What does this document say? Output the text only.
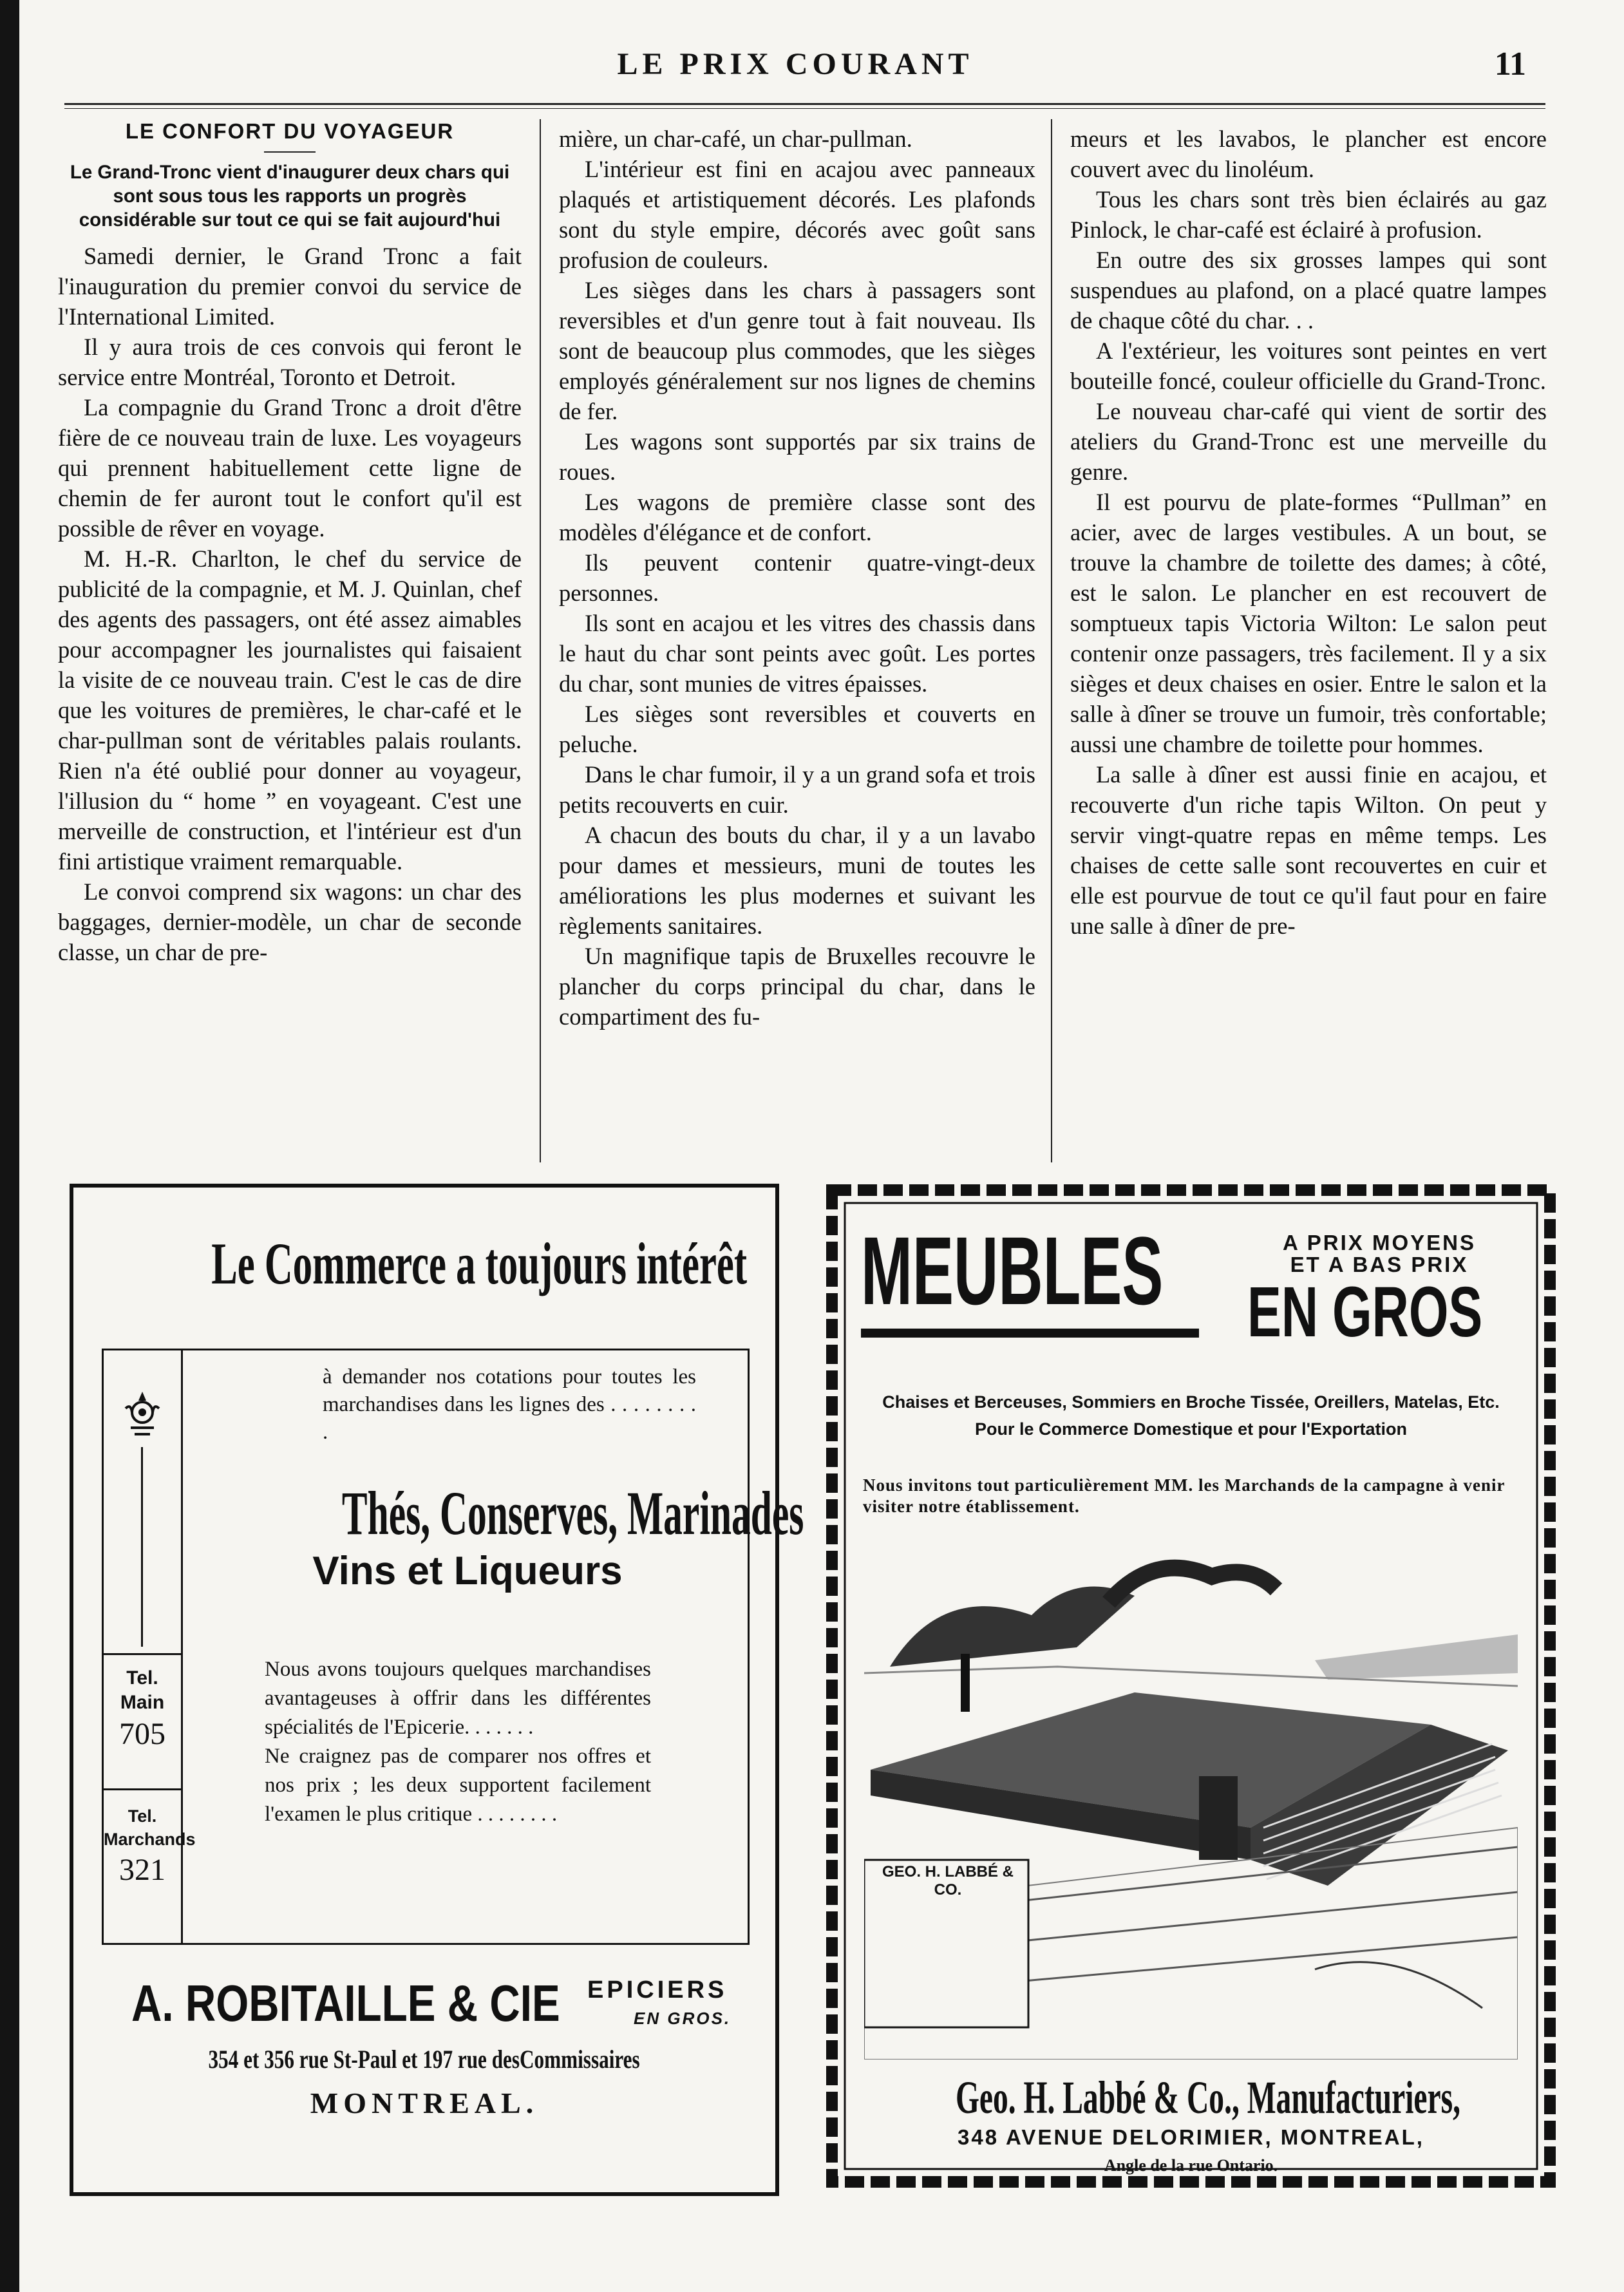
LE PRIX COURANT	11
LE CONFORT DU VOYAGEUR
Le Grand-Tronc vient d'inaugurer deux chars qui sont sous tous les rapports un progrès considérable sur tout ce qui se fait aujourd'hui

Samedi dernier, le Grand Tronc a fait l'inauguration du premier convoi du service de l'International Limited.

Il y aura trois de ces convois qui feront le service entre Montréal, Toronto et Detroit.

La compagnie du Grand Tronc a droit d'être fière de ce nouveau train de luxe. Les voyageurs qui prennent habituellement cette ligne de chemin de fer auront tout le confort qu'il est possible de rêver en voyage.

M. H.-R. Charlton, le chef du service de publicité de la compagnie, et M. J. Quinlan, chef des agents des passagers, ont été assez aimables pour accompagner les journalistes qui faisaient la visite de ce nouveau train. C'est le cas de dire que les voitures de premières, le char-café et le char-pullman sont de véritables palais roulants. Rien n'a été oublié pour donner au voyageur, l'illusion du “ home ” en voyageant. C'est une merveille de construction, et l'intérieur est d'un fini artistique vraiment remarquable.

Le convoi comprend six wagons: un char des baggages, dernier-modèle, un char de seconde classe, un char de pre-

mière, un char-café, un char-pullman.

L'intérieur est fini en acajou avec panneaux plaqués et artistiquement décorés. Les plafonds sont du style empire, décorés avec goût sans profusion de couleurs.

Les sièges dans les chars à passagers sont reversibles et d'un genre tout à fait nouveau. Ils sont de beaucoup plus commodes, que les sièges employés généralement sur nos lignes de chemins de fer.

Les wagons sont supportés par six trains de roues.

Les wagons de première classe sont des modèles d'élégance et de confort.

Ils peuvent contenir quatre-vingt-deux personnes.

Ils sont en acajou et les vitres des chassis dans le haut du char sont peints avec goût. Les portes du char, sont munies de vitres épaisses.

Les sièges sont reversibles et couverts en peluche.

Dans le char fumoir, il y a un grand sofa et trois petits recouverts en cuir.

A chacun des bouts du char, il y a un lavabo pour dames et messieurs, muni de toutes les améliorations les plus modernes et suivant les règlements sanitaires.

Un magnifique tapis de Bruxelles recouvre le plancher du corps principal du char, dans le compartiment des fu-

meurs et les lavabos, le plancher est encore couvert avec du linoléum.

Tous les chars sont très bien éclairés au gaz Pinlock, le char-café est éclairé à profusion.

En outre des six grosses lampes qui sont suspendues au plafond, on a placé quatre lampes de chaque côté du char. . .

A l'extérieur, les voitures sont peintes en vert bouteille foncé, couleur officielle du Grand-Tronc.

Le nouveau char-café qui vient de sortir des ateliers du Grand-Tronc est une merveille du genre.

Il est pourvu de plate-formes “Pullman” en acier, avec de larges vestibules. A un bout, se trouve la chambre de toilette des dames; à côté, est le salon. Le plancher en est recouvert de somptueux tapis Victoria Wilton: Le salon peut contenir onze passagers, très facilement. Il y a six sièges et deux chaises en osier. Entre le salon et la salle à dîner se trouve un fumoir, très confortable; aussi une chambre de toilette pour hommes.

La salle à dîner est aussi finie en acajou, et recouverte d'un riche tapis Wilton. On peut y servir vingt-quatre repas en même temps. Les chaises de cette salle sont recouvertes en cuir et elle est pourvue de tout ce qu'il faut pour en faire une salle à dîner de pre-

Le Commerce a toujours intérêt
Tel.
Main
705
Tel.
Marchands
321
à demander nos cotations pour toutes les marchandises dans les lignes des . . . . . . . . .
Thés, Conserves, Marinades
Vins et Liqueurs
Nous avons toujours quelques marchandises avantageuses à offrir dans les différentes spécialités de l'Epicerie. . . . . . .
Ne craignez pas de comparer nos offres et nos prix ; les deux supportent facilement l'examen le plus critique . . . . . . . .
A. ROBITAILLE & CIE EPICIERS
EN GROS.
354 et 356 rue St-Paul et 197 rue desCommissaires
MONTREAL.
MEUBLES	A PRIX MOYENS
ET A BAS PRIX
EN GROS
Chaises et Berceuses, Sommiers en Broche Tissée, Oreillers, Matelas, Etc. Pour le Commerce Domestique et pour l'Exportation
Nous invitons tout particulièrement MM. les Marchands de la campagne à venir visiter notre établissement.
GEO. H. LABBÉ & CO.
Geo. H. Labbé & Co., Manufacturiers,
348 AVENUE DELORIMIER, MONTREAL,
Angle de la rue Ontario.
